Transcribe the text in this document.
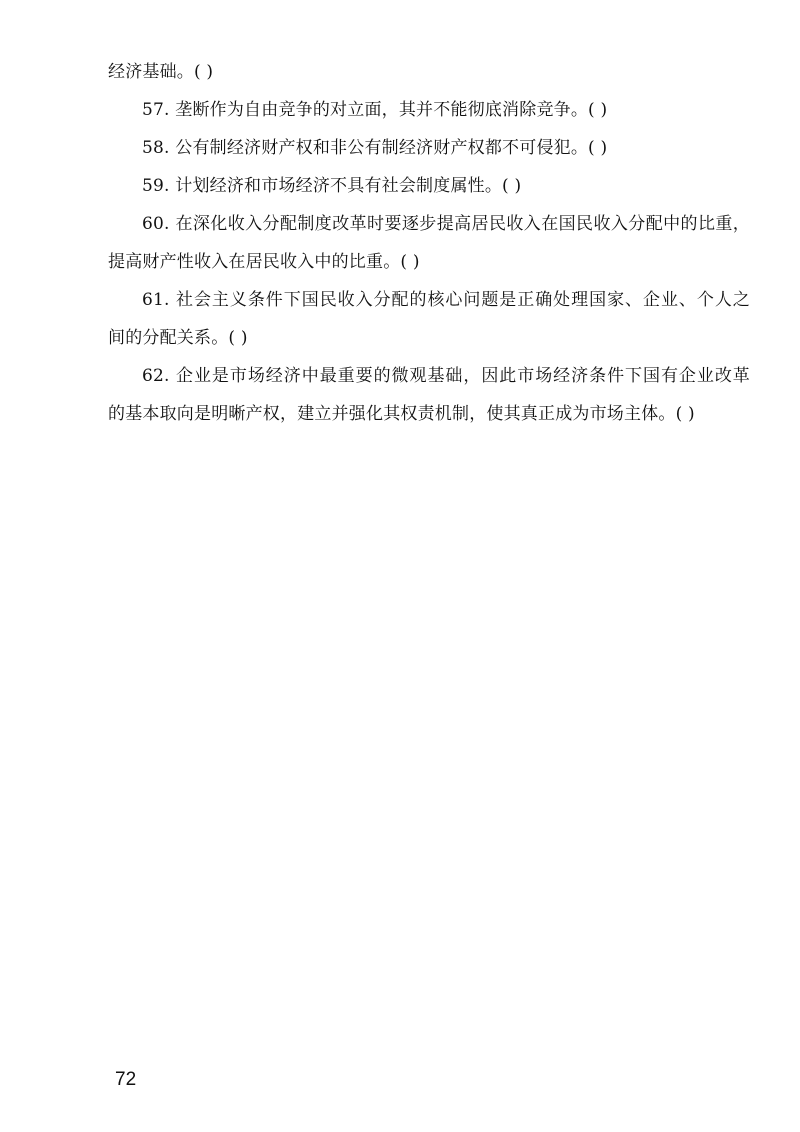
经济基础。( )
57. 垄断作为自由竞争的对立面，其并不能彻底消除竞争。( )
58. 公有制经济财产权和非公有制经济财产权都不可侵犯。( )
59. 计划经济和市场经济不具有社会制度属性。( )
60. 在深化收入分配制度改革时要逐步提高居民收入在国民收入分配中的比重，
提高财产性收入在居民收入中的比重。( )
61. 社会主义条件下国民收入分配的核心问题是正确处理国家、企业、个人之
间的分配关系。( )
62. 企业是市场经济中最重要的微观基础，因此市场经济条件下国有企业改革
的基本取向是明晰产权，建立并强化其权责机制，使其真正成为市场主体。( )
72
